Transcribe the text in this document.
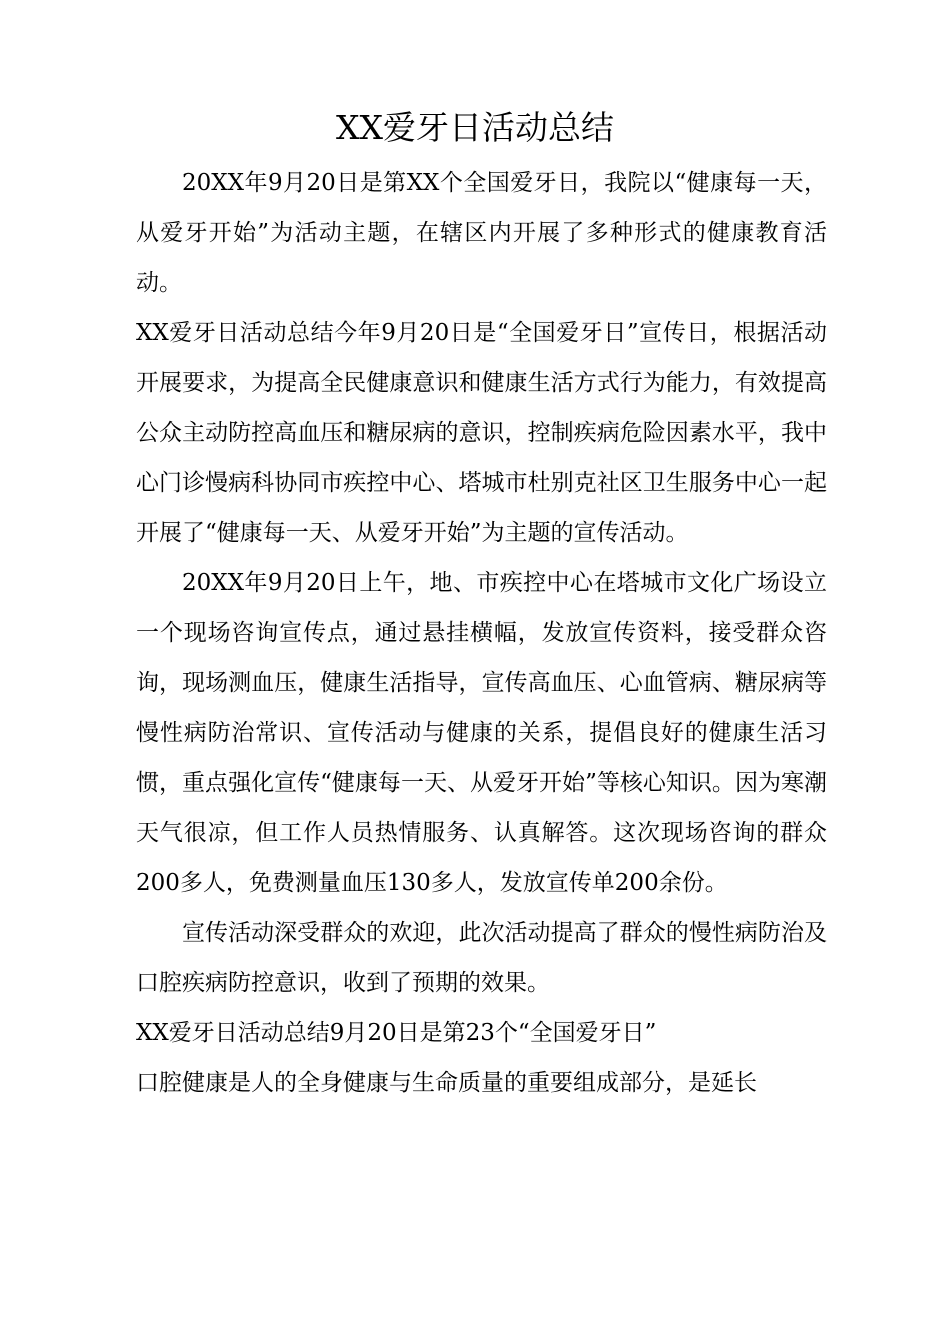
XX爱牙日活动总结

20XX年9月20日是第XX个全国爱牙日，我院以“健康每一天，从爱牙开始”为活动主题，在辖区内开展了多种形式的健康教育活动。

XX爱牙日活动总结今年9月20日是“全国爱牙日”宣传日，根据活动开展要求，为提高全民健康意识和健康生活方式行为能力，有效提高公众主动防控高血压和糖尿病的意识，控制疾病危险因素水平，我中心门诊慢病科协同市疾控中心、塔城市杜别克社区卫生服务中心一起开展了“健康每一天、从爱牙开始”为主题的宣传活动。

20XX年9月20日上午，地、市疾控中心在塔城市文化广场设立一个现场咨询宣传点，通过悬挂横幅，发放宣传资料，接受群众咨询，现场测血压，健康生活指导，宣传高血压、心血管病、糖尿病等慢性病防治常识、宣传活动与健康的关系，提倡良好的健康生活习惯，重点强化宣传“健康每一天、从爱牙开始”等核心知识。因为寒潮天气很凉，但工作人员热情服务、认真解答。这次现场咨询的群众200多人，免费测量血压130多人，发放宣传单200余份。

宣传活动深受群众的欢迎，此次活动提高了群众的慢性病防治及口腔疾病防控意识，收到了预期的效果。

XX爱牙日活动总结9月20日是第23个“全国爱牙日”

口腔健康是人的全身健康与生命质量的重要组成部分，是延长
